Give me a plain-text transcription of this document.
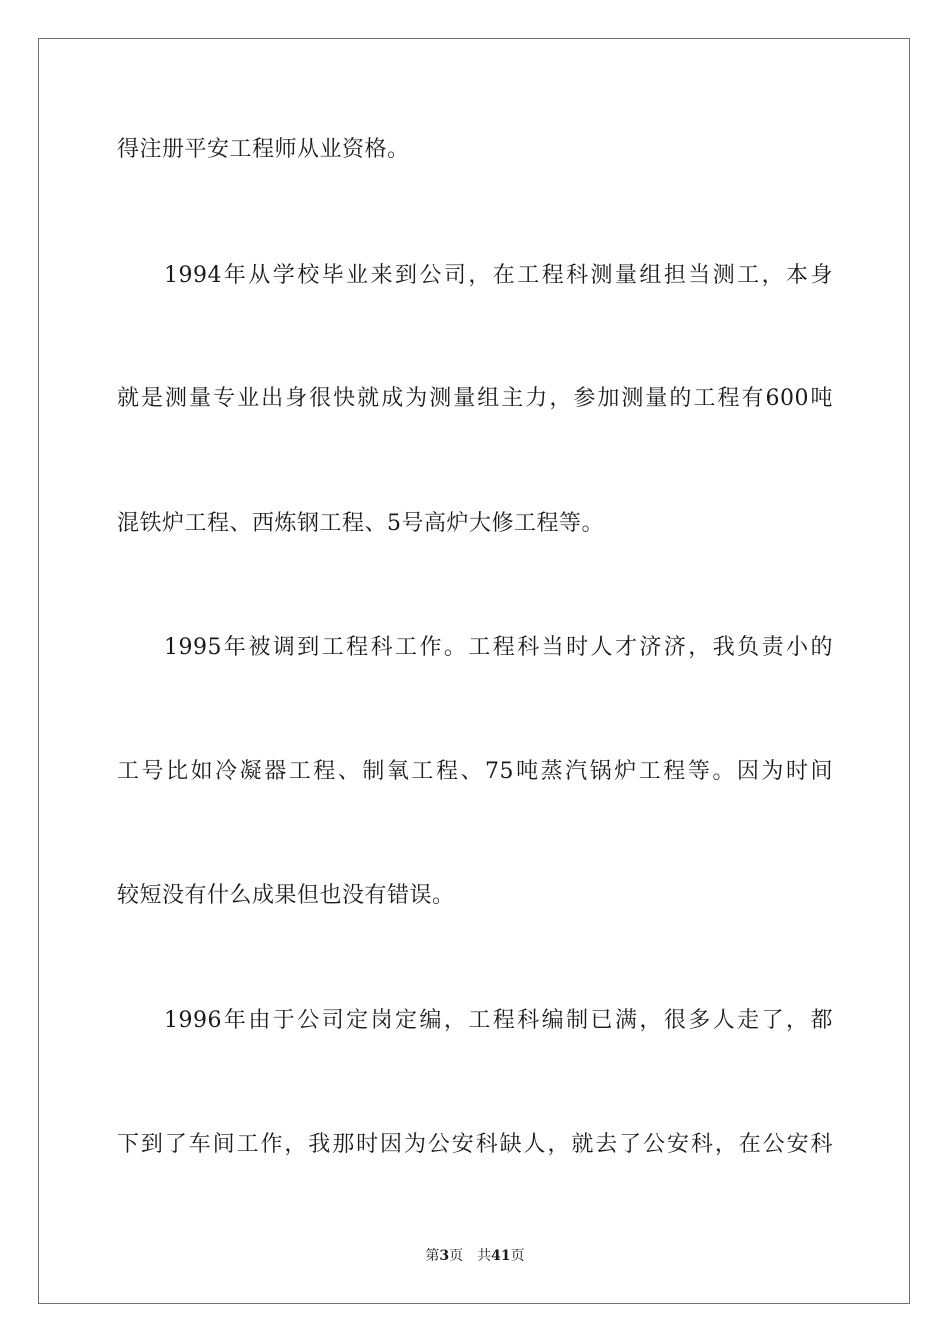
得注册平安工程师从业资格。
1994年从学校毕业来到公司，在工程科测量组担当测工，本身
就是测量专业出身很快就成为测量组主力，参加测量的工程有600吨
混铁炉工程、西炼钢工程、5号高炉大修工程等。
1995年被调到工程科工作。工程科当时人才济济，我负责小的
工号比如冷凝器工程、制氧工程、75吨蒸汽锅炉工程等。因为时间
较短没有什么成果但也没有错误。
1996年由于公司定岗定编，工程科编制已满，很多人走了，都
下到了车间工作，我那时因为公安科缺人，就去了公安科，在公安科
第3页 共41页
